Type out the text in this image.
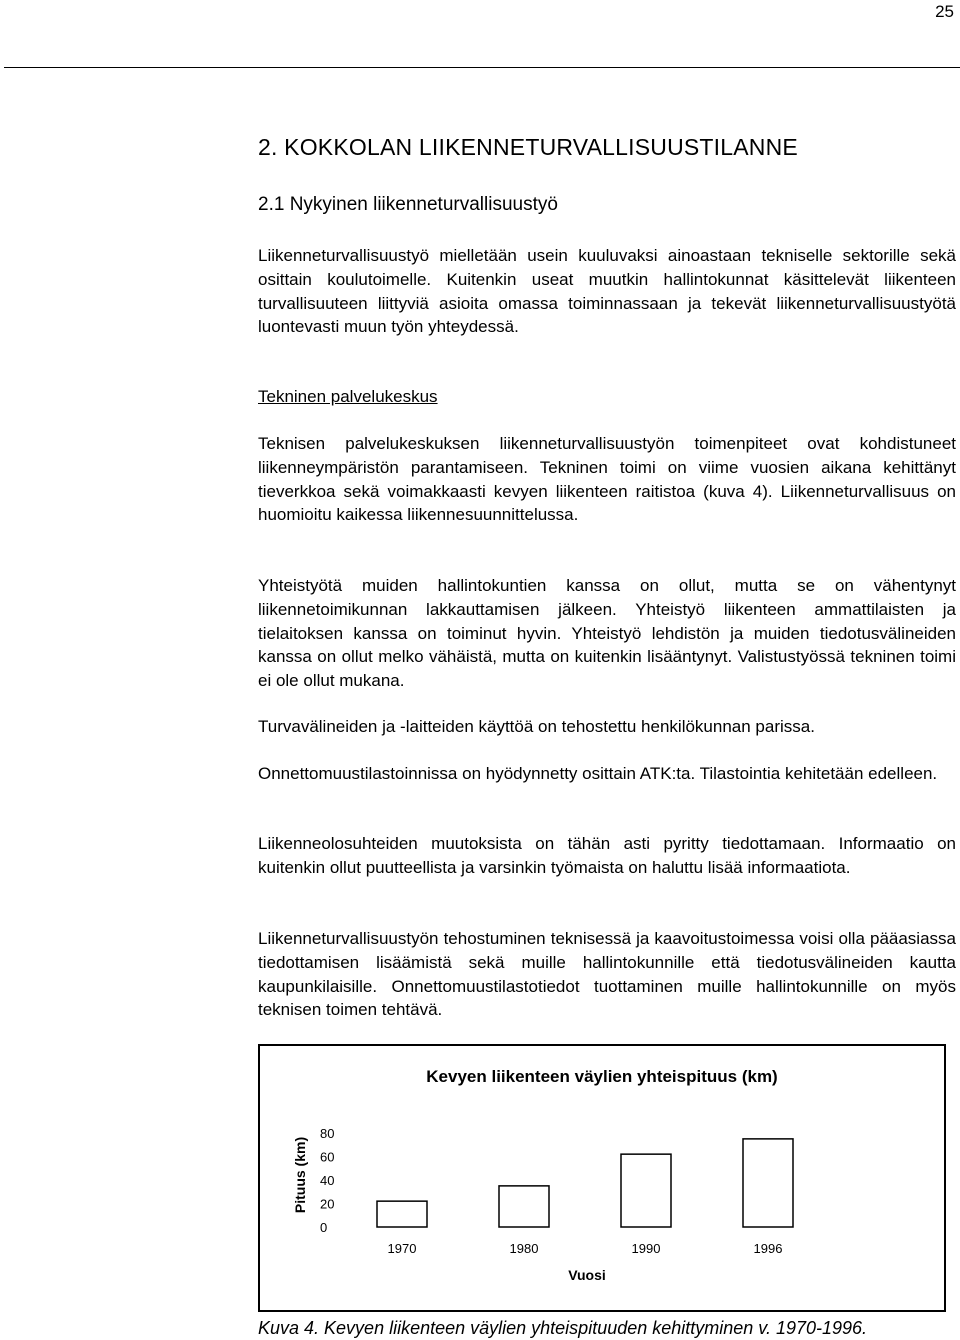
25
2. KOKKOLAN LIIKENNETURVALLISUUSTILANNE
2.1 Nykyinen liikenneturvallisuustyö

Liikenneturvallisuustyö mielletään usein kuuluvaksi ainoastaan tekniselle sektorille sekä osittain koulutoimelle. Kuitenkin useat muutkin hallintokunnat käsittelevät liikenteen turvallisuuteen liittyviä asioita omassa toiminnassaan ja tekevät liikenneturvallisuustyötä luontevasti muun työn yhteydessä.

Tekninen palvelukeskus

Teknisen palvelukeskuksen liikenneturvallisuustyön toimenpiteet ovat kohdistuneet liikenneympäristön parantamiseen. Tekninen toimi on viime vuosien aikana kehittänyt tieverkkoa sekä voimakkaasti kevyen liikenteen raitistoa (kuva 4). Liikenneturvallisuus on huomioitu kaikessa liikennesuunnittelussa.

Yhteistyötä muiden hallintokuntien kanssa on ollut, mutta se on vähentynyt liikennetoimikunnan lakkauttamisen jälkeen. Yhteistyö liikenteen ammattilaisten ja tielaitoksen kanssa on toiminut hyvin. Yhteistyö lehdistön ja muiden tiedotusvälineiden kanssa on ollut melko vähäistä, mutta on kuitenkin lisääntynyt. Valistustyössä tekninen toimi ei ole ollut mukana.

Turvavälineiden ja -laitteiden käyttöä on tehostettu henkilökunnan parissa.

Onnettomuustilastoinnissa on hyödynnetty osittain ATK:ta. Tilastointia kehitetään edelleen.

Liikenneolosuhteiden muutoksista on tähän asti pyritty tiedottamaan. Informaatio on kuitenkin ollut puutteellista ja varsinkin työmaista on haluttu lisää informaatiota.

Liikenneturvallisuustyön tehostuminen teknisessä ja kaavoitustoimessa voisi olla pääasiassa tiedottamisen lisäämistä sekä muille hallintokunnille että tiedotusvälineiden kautta kaupunkilaisille. Onnettomuustilastotiedot tuottaminen muille hallintokunnille on myös teknisen toimen tehtävä.

Kevyen liikenteen väylien yhteispituus (km)
Pituus (km)
Vuosi
0
20
40
60
80
1970	1980	1990	1996
Kuva 4. Kevyen liikenteen väylien yhteispituuden kehittyminen v. 1970-1996.
